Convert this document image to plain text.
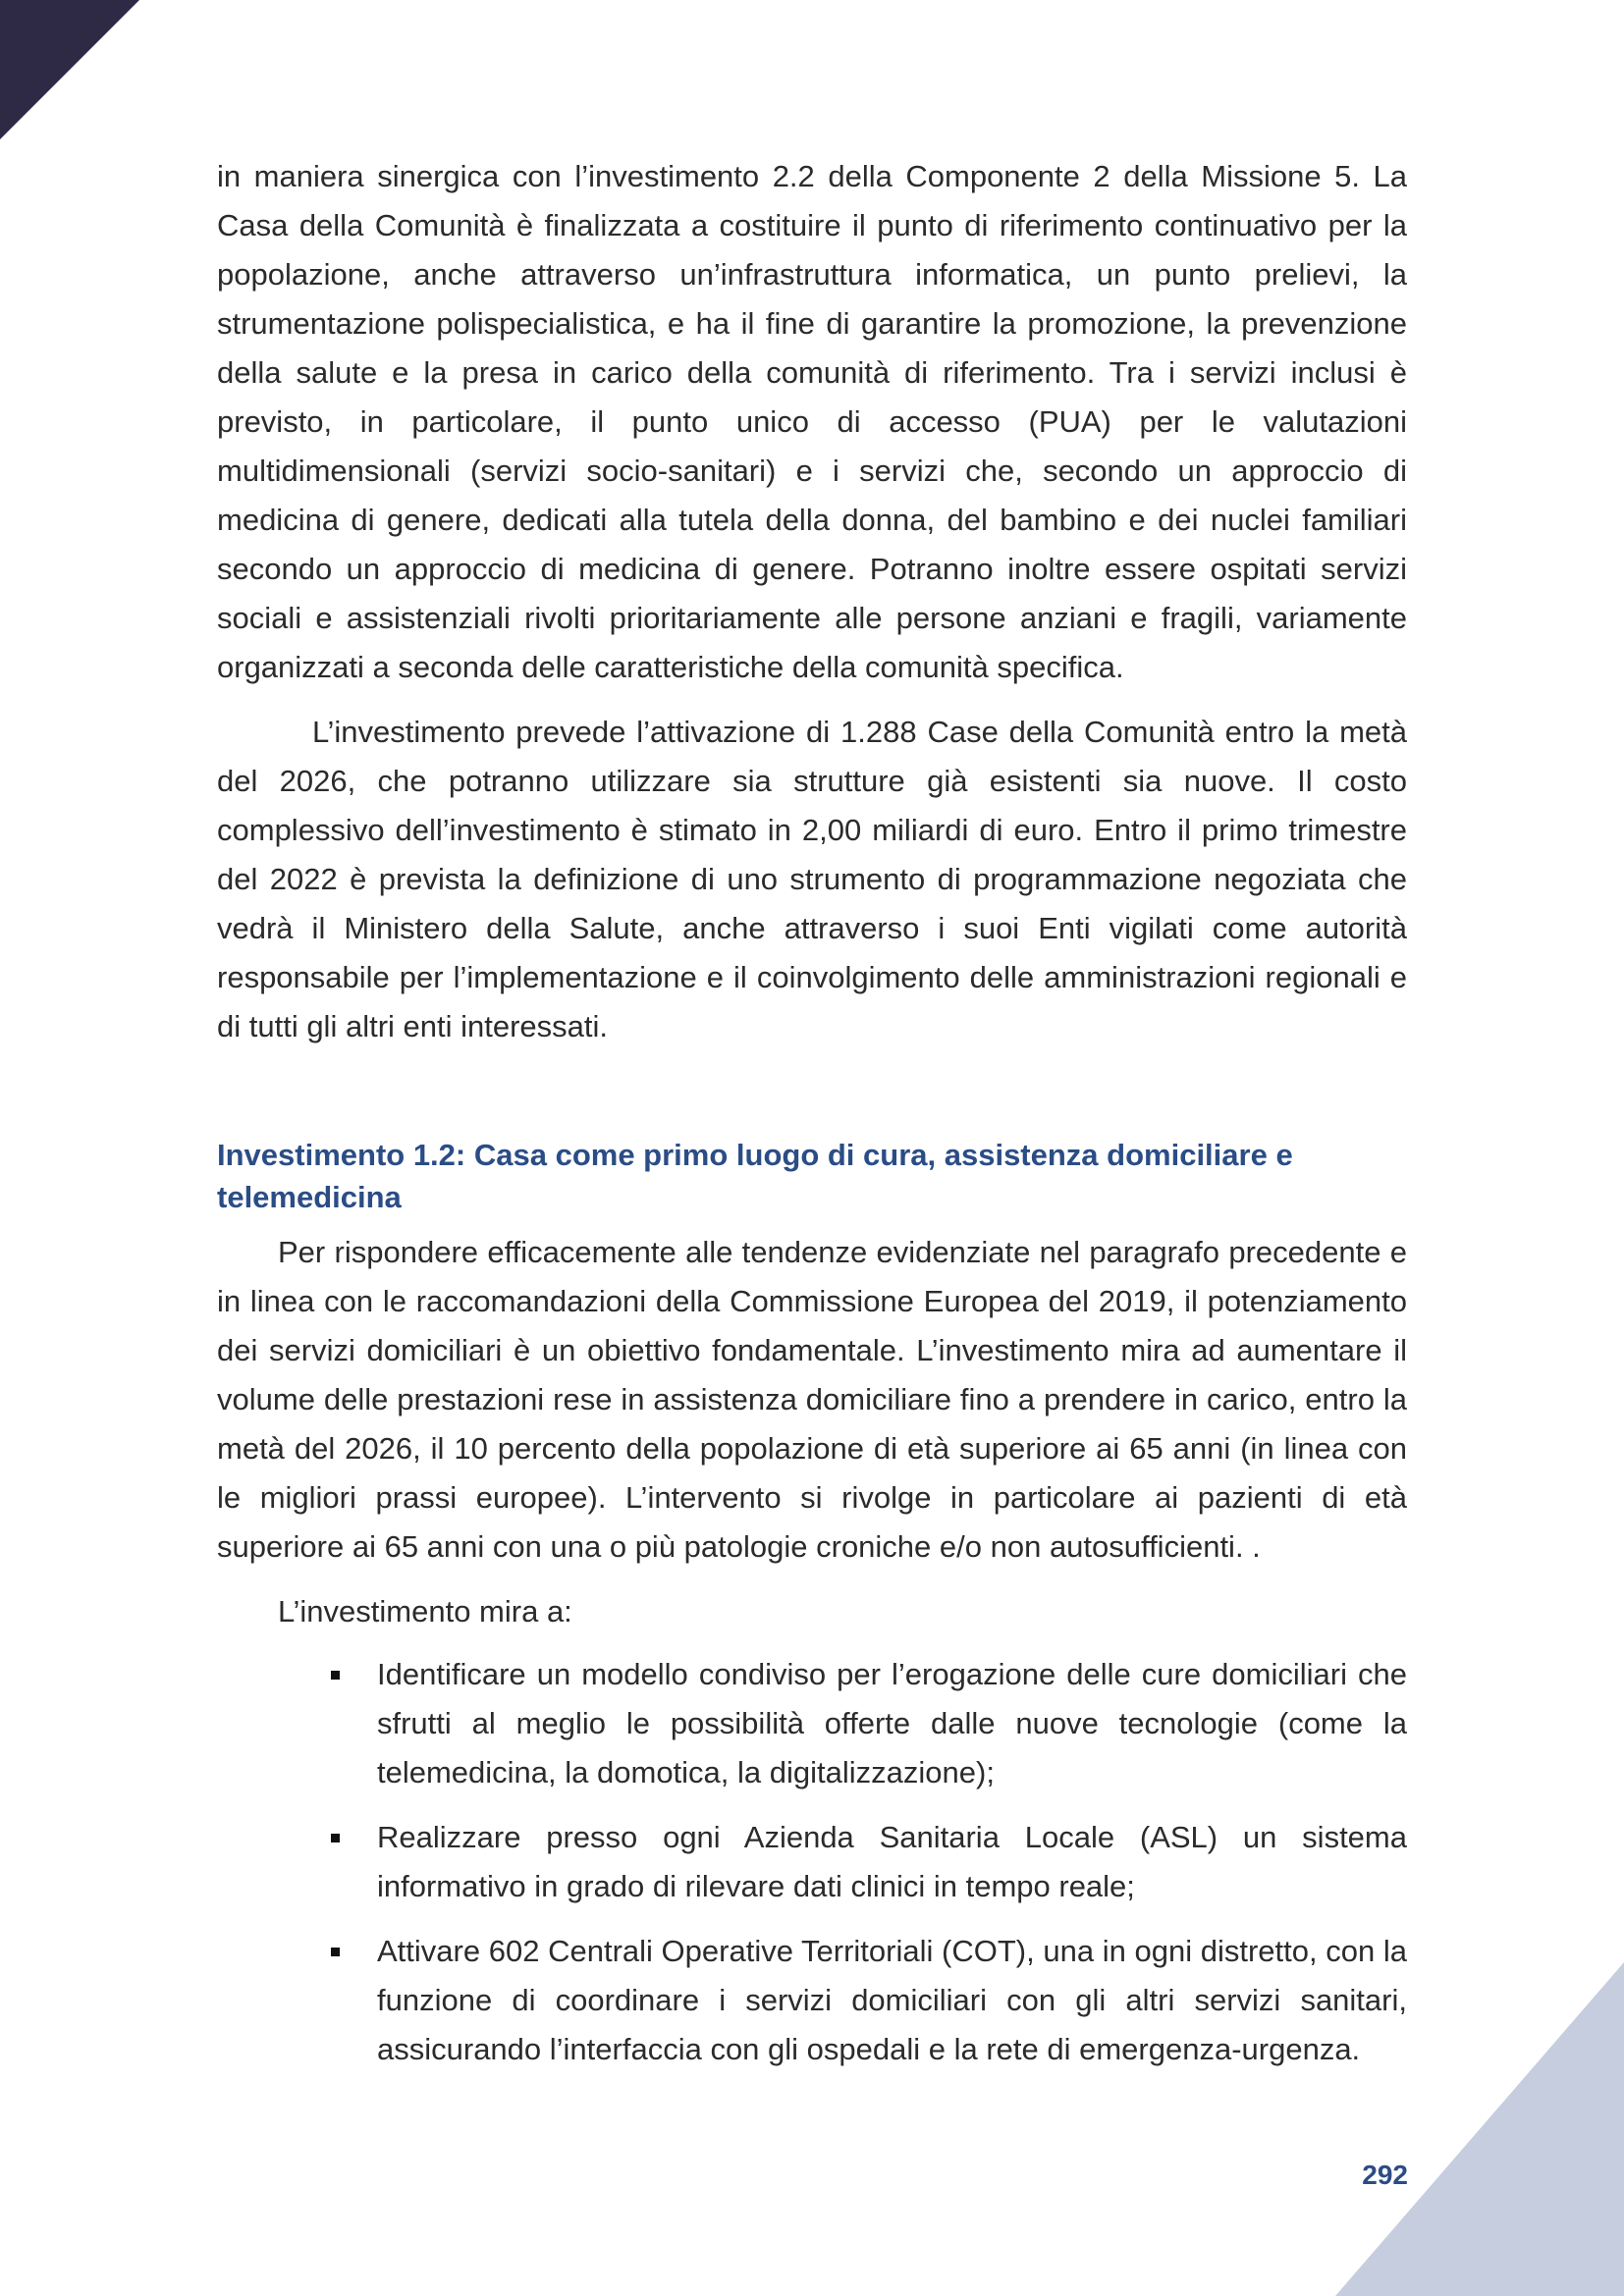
in maniera sinergica con l’investimento 2.2 della Componente 2 della Missione 5. La Casa della Comunità è finalizzata a costituire il punto di riferimento continuativo per la popolazione, anche attraverso un’infrastruttura informatica, un punto prelievi, la strumentazione polispecialistica, e ha il fine di garantire la promozione, la prevenzione della salute e la presa in carico della comunità di riferimento. Tra i servizi inclusi è previsto, in particolare, il punto unico di accesso (PUA) per le valutazioni multidimensionali (servizi socio-sanitari) e i servizi che, secondo un approccio di medicina di genere, dedicati alla tutela della donna, del bambino e dei nuclei familiari secondo un approccio di medicina di genere. Potranno inoltre essere ospitati servizi sociali e assistenziali rivolti prioritariamente alle persone anziani e fragili, variamente organizzati a seconda delle caratteristiche della comunità specifica.

L’investimento prevede l’attivazione di 1.288 Case della Comunità entro la metà del 2026, che potranno utilizzare sia strutture già esistenti sia nuove. Il costo complessivo dell’investimento è stimato in 2,00 miliardi di euro. Entro il primo trimestre del 2022 è prevista la definizione di uno strumento di programmazione negoziata che vedrà il Ministero della Salute, anche attraverso i suoi Enti vigilati come autorità responsabile per l’implementazione e il coinvolgimento delle amministrazioni regionali e di tutti gli altri enti interessati.

Investimento 1.2: Casa come primo luogo di cura, assistenza domiciliare e telemedicina

Per rispondere efficacemente alle tendenze evidenziate nel paragrafo precedente e in linea con le raccomandazioni della Commissione Europea del 2019, il potenziamento dei servizi domiciliari è un obiettivo fondamentale. L’investimento mira ad aumentare il volume delle prestazioni rese in assistenza domiciliare fino a prendere in carico, entro la metà del 2026, il 10 percento della popolazione di età superiore ai 65 anni (in linea con le migliori prassi europee). L’intervento si rivolge in particolare ai pazienti di età superiore ai 65 anni con una o più patologie croniche e/o non autosufficienti. .

L’investimento mira a:

Identificare un modello condiviso per l’erogazione delle cure domiciliari che sfrutti al meglio le possibilità offerte dalle nuove tecnologie (come la telemedicina, la domotica, la digitalizzazione);
Realizzare presso ogni Azienda Sanitaria Locale (ASL) un sistema informativo in grado di rilevare dati clinici in tempo reale;
Attivare 602 Centrali Operative Territoriali (COT), una in ogni distretto, con la funzione di coordinare i servizi domiciliari con gli altri servizi sanitari, assicurando l’interfaccia con gli ospedali e la rete di emergenza-urgenza.
292
